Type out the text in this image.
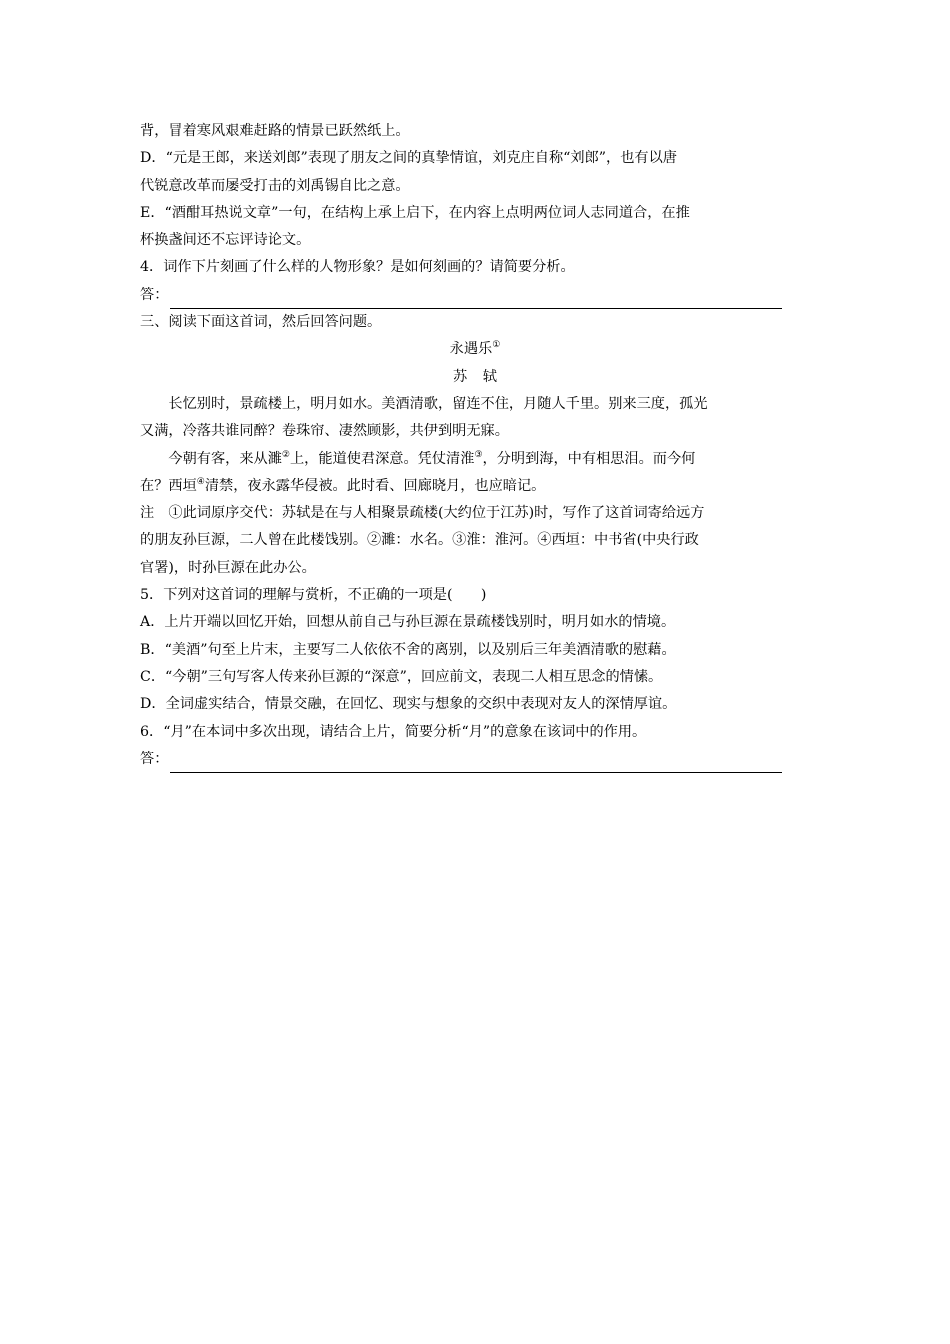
背，冒着寒风艰难赶路的情景已跃然纸上。
D．“元是王郎，来送刘郎”表现了朋友之间的真挚情谊，刘克庄自称“刘郎”，也有以唐
代锐意改革而屡受打击的刘禹锡自比之意。
E．“酒酣耳热说文章”一句，在结构上承上启下，在内容上点明两位词人志同道合，在推
杯换盏间还不忘评诗论文。
4．词作下片刻画了什么样的人物形象？是如何刻画的？请简要分析。
答：
三、阅读下面这首词，然后回答问题。
永遇乐①
苏轼
长忆别时，景疏楼上，明月如水。美酒清歌，留连不住，月随人千里。别来三度，孤光
又满，冷落共谁同醉？卷珠帘、凄然顾影，共伊到明无寐。
今朝有客，来从濉②上，能道使君深意。凭仗清淮③，分明到海，中有相思泪。而今何
在？西垣④清禁，夜永露华侵被。此时看、回廊晓月，也应暗记。
注　①此词原序交代：苏轼是在与人相聚景疏楼(大约位于江苏)时，写作了这首词寄给远方
的朋友孙巨源，二人曾在此楼饯别。②濉：水名。③淮：淮河。④西垣：中书省(中央行政
官署)，时孙巨源在此办公。
5．下列对这首词的理解与赏析，不正确的一项是(　　)
A．上片开端以回忆开始，回想从前自己与孙巨源在景疏楼饯别时，明月如水的情境。
B．“美酒”句至上片末，主要写二人依依不舍的离别，以及别后三年美酒清歌的慰藉。
C．“今朝”三句写客人传来孙巨源的“深意”，回应前文，表现二人相互思念的情愫。
D．全词虚实结合，情景交融，在回忆、现实与想象的交织中表现对友人的深情厚谊。
6．“月”在本词中多次出现，请结合上片，简要分析“月”的意象在该词中的作用。
答：
